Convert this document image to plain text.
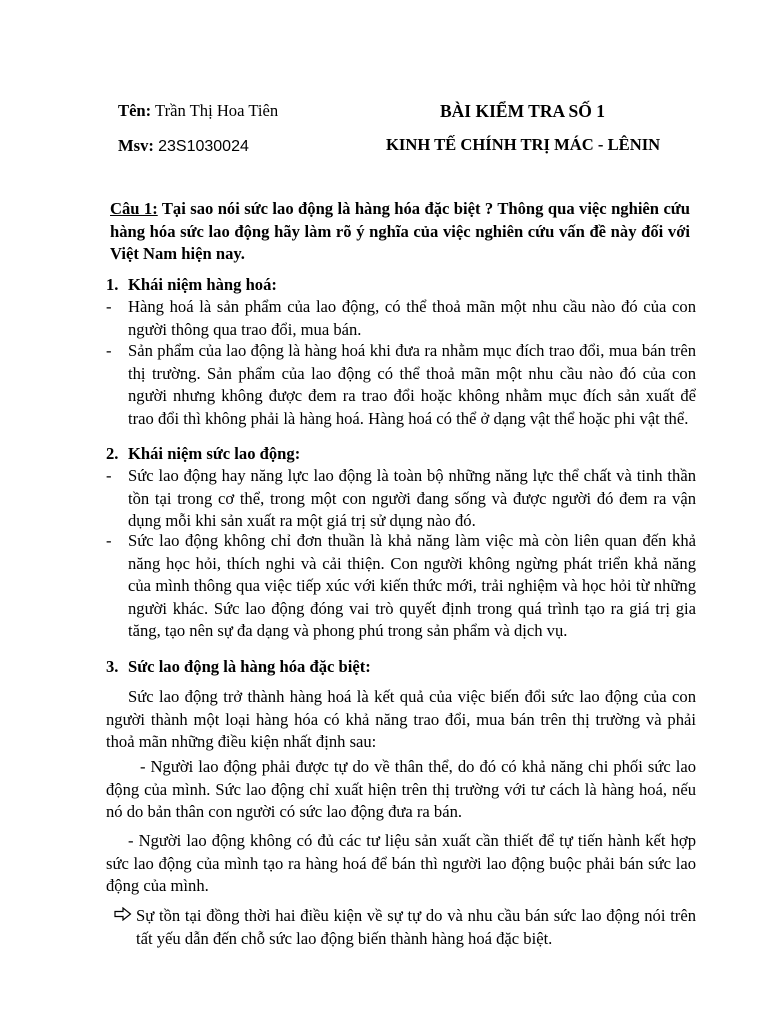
Tên: Trần Thị Hoa Tiên
Msv: 23S1030024
BÀI KIỂM TRA SỐ 1
KINH TẾ CHÍNH TRỊ MÁC - LÊNIN
Câu 1: Tại sao nói sức lao động là hàng hóa đặc biệt ? Thông qua việc nghiên cứu hàng hóa sức lao động hãy làm rõ ý nghĩa của việc nghiên cứu vấn đề này đối với Việt Nam hiện nay.
1. Khái niệm hàng hoá:
- Hàng hoá là sản phẩm của lao động, có thể thoả mãn một nhu cầu nào đó của con người thông qua trao đổi, mua bán.
- Sản phẩm của lao động là hàng hoá khi đưa ra nhằm mục đích trao đổi, mua bán trên thị trường. Sản phẩm của lao động có thể thoả mãn một nhu cầu nào đó của con người nhưng không được đem ra trao đổi hoặc không nhằm mục đích sản xuất để trao đổi thì không phải là hàng hoá. Hàng hoá có thể ở dạng vật thể hoặc phi vật thể.
2. Khái niệm sức lao động:
- Sức lao động hay năng lực lao động là toàn bộ những năng lực thể chất và tinh thần tồn tại trong cơ thể, trong một con người đang sống và được người đó đem ra vận dụng mỗi khi sản xuất ra một giá trị sử dụng nào đó.
- Sức lao động không chỉ đơn thuần là khả năng làm việc mà còn liên quan đến khả năng học hỏi, thích nghi và cải thiện. Con người không ngừng phát triển khả năng của mình thông qua việc tiếp xúc với kiến thức mới, trải nghiệm và học hỏi từ những người khác. Sức lao động đóng vai trò quyết định trong quá trình tạo ra giá trị gia tăng, tạo nên sự đa dạng và phong phú trong sản phẩm và dịch vụ.
3. Sức lao động là hàng hóa đặc biệt:
Sức lao động trở thành hàng hoá là kết quả của việc biến đổi sức lao động của con người thành một loại hàng hóa có khả năng trao đổi, mua bán trên thị trường và phải thoả mãn những điều kiện nhất định sau:
- Người lao động phải được tự do về thân thể, do đó có khả năng chi phối sức lao động của mình. Sức lao động chỉ xuất hiện trên thị trường với tư cách là hàng hoá, nếu nó do bản thân con người có sức lao động đưa ra bán.
- Người lao động không có đủ các tư liệu sản xuất cần thiết để tự tiến hành kết hợp sức lao động của mình tạo ra hàng hoá để bán thì người lao động buộc phải bán sức lao động của mình.
Sự tồn tại đồng thời hai điều kiện về sự tự do và nhu cầu bán sức lao động nói trên tất yếu dẫn đến chỗ sức lao động biến thành hàng hoá đặc biệt.
